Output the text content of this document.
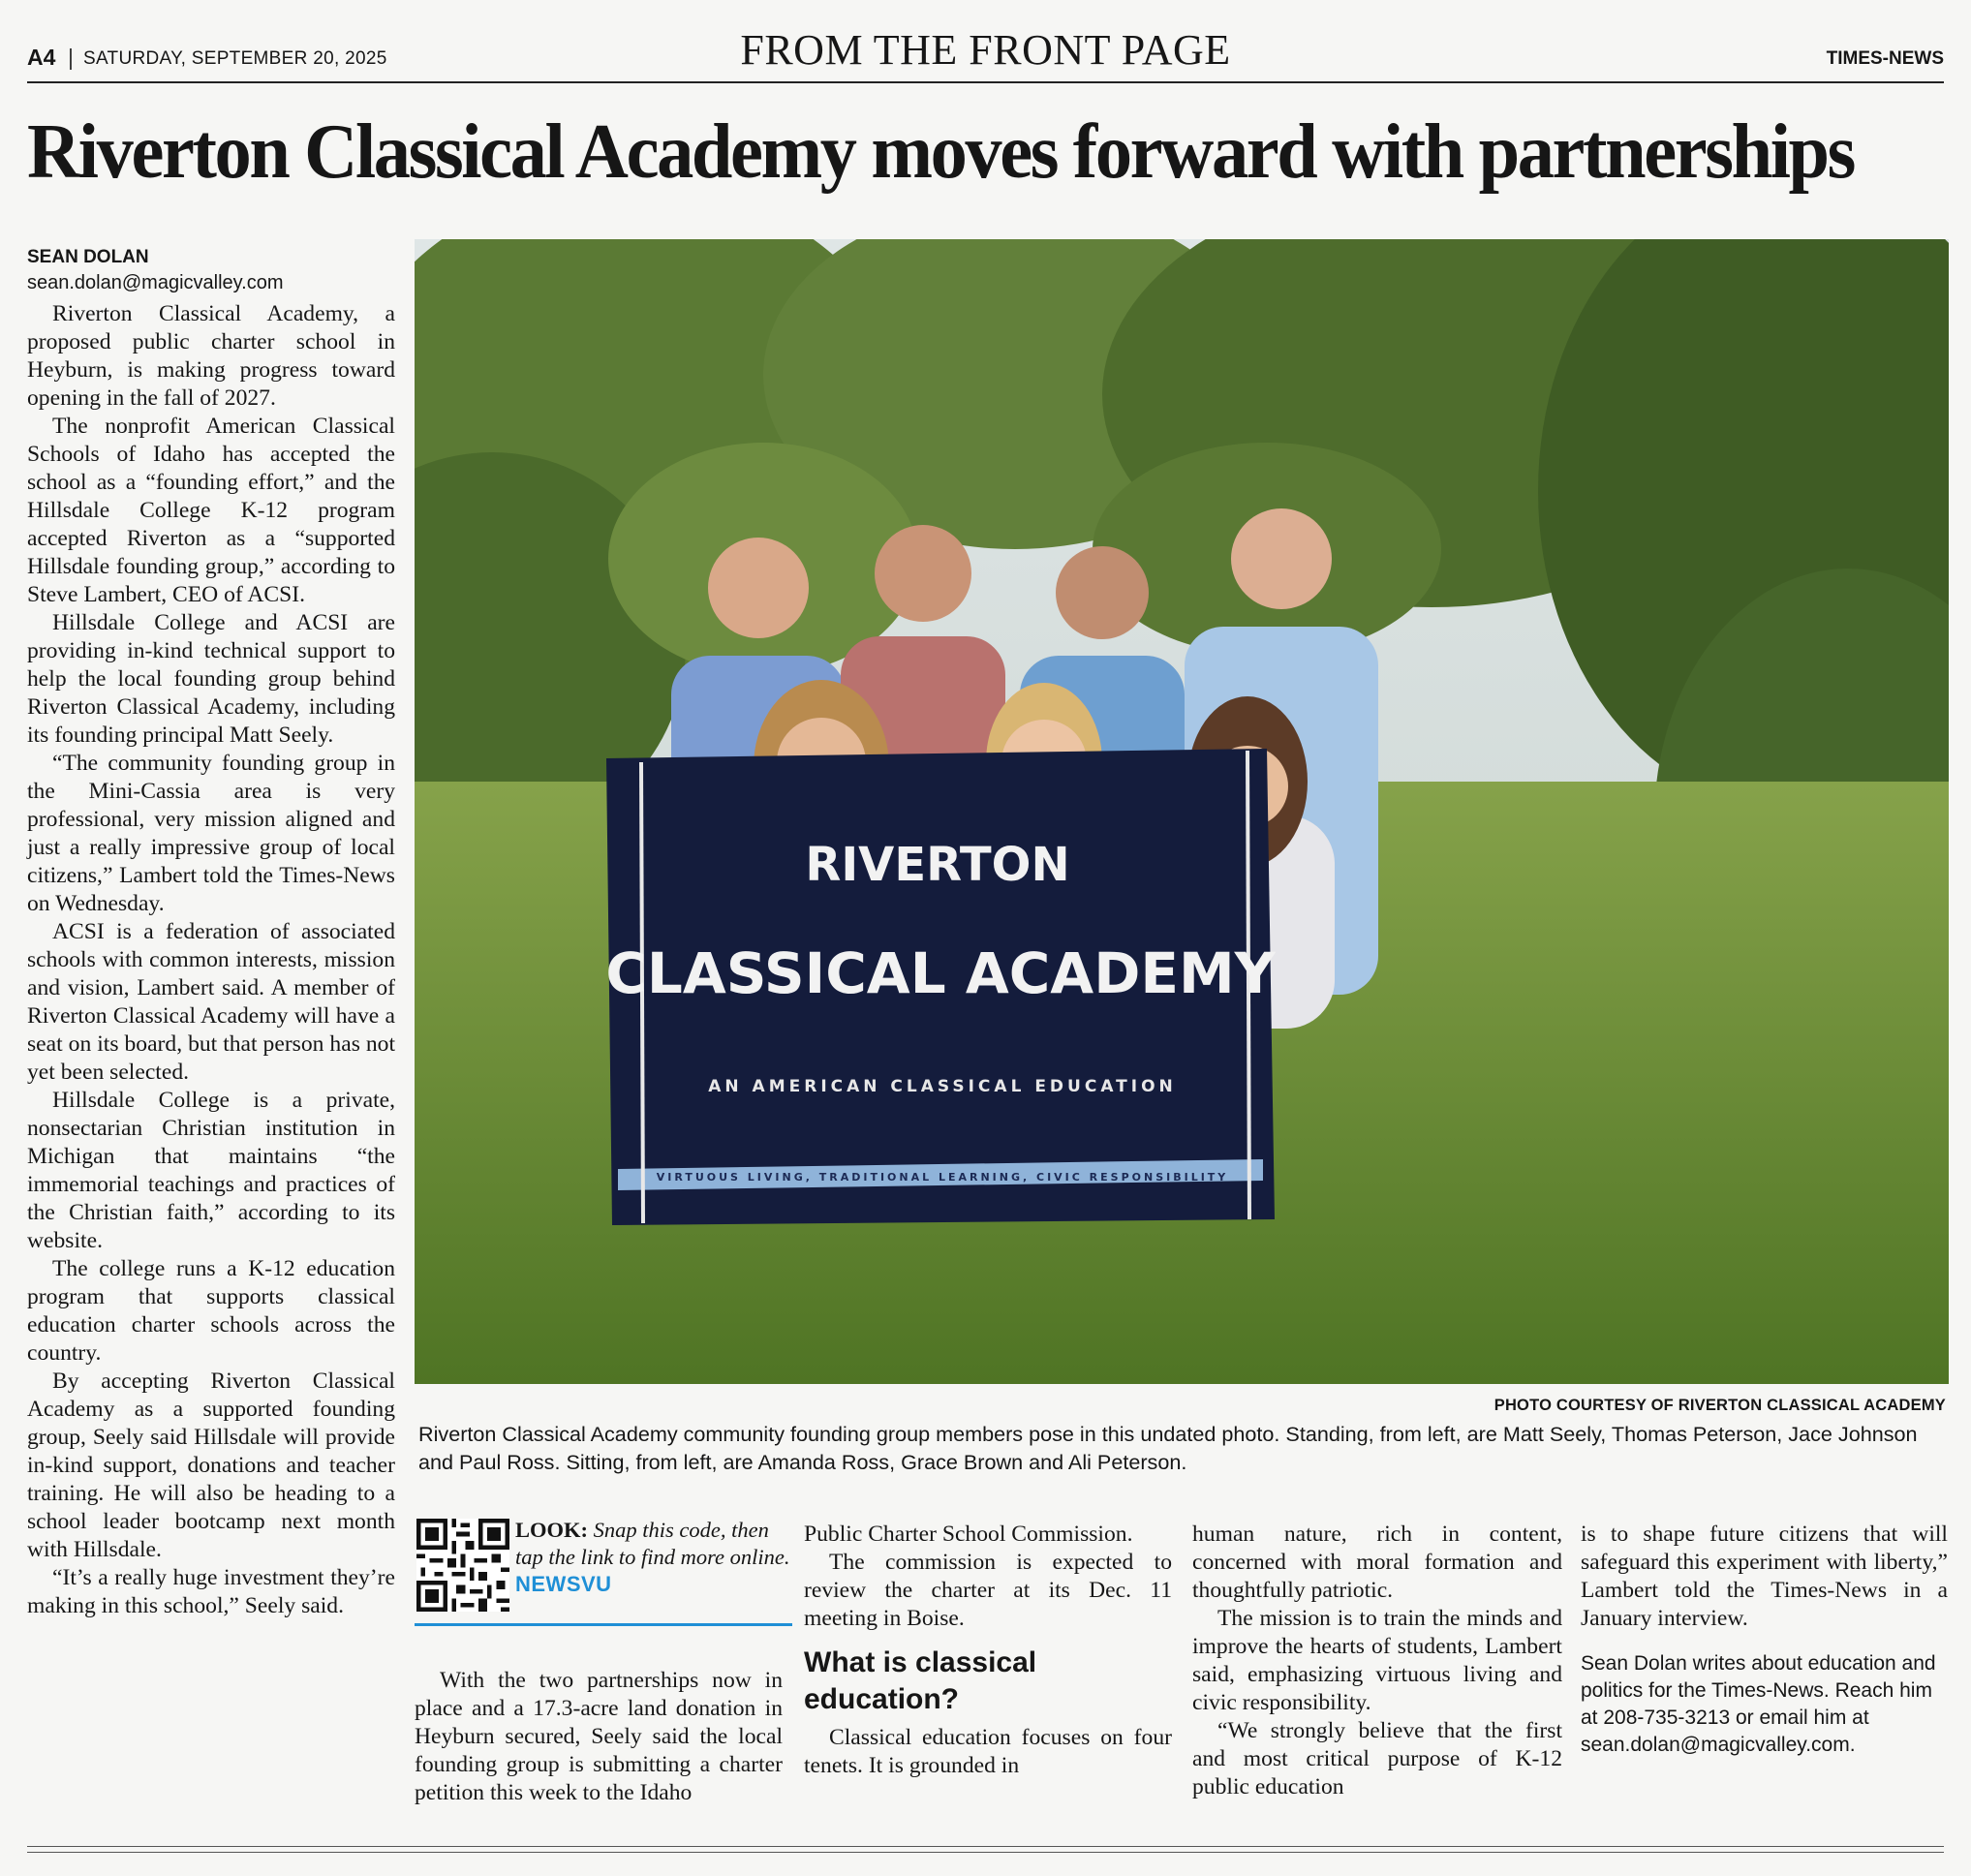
A4 | SATURDAY, SEPTEMBER 20, 2025	FROM THE FRONT PAGE	TIMES-NEWS
Riverton Classical Academy moves forward with partnerships
SEAN DOLAN
sean.dolan@magicvalley.com

Riverton Classical Academy, a proposed public charter school in Heyburn, is making progress toward opening in the fall of 2027.

The nonprofit American Classical Schools of Idaho has accepted the school as a “founding effort,” and the Hillsdale College K-12 program accepted Riverton as a “supported Hillsdale founding group,” according to Steve Lambert, CEO of ACSI.

Hillsdale College and ACSI are providing in-kind technical support to help the local founding group behind Riverton Classical Academy, including its founding principal Matt Seely.

“The community founding group in the Mini-Cassia area is very professional, very mission aligned and just a really impressive group of local citizens,” Lambert told the Times-News on Wednesday.

ACSI is a federation of associated schools with common interests, mission and vision, Lambert said. A member of Riverton Classical Academy will have a seat on its board, but that person has not yet been selected.

Hillsdale College is a private, nonsectarian Christian institution in Michigan that maintains “the immemorial teachings and practices of the Christian faith,” according to its website.

The college runs a K-12 education program that supports classical education charter schools across the country.

By accepting Riverton Classical Academy as a supported founding group, Seely said Hillsdale will provide in-kind support, donations and teacher training. He will also be heading to a school leader bootcamp next month with Hillsdale.

“It’s a really huge investment they’re making in this school,” Seely said.

RIVERTON
CLASSICAL ACADEMY
AN AMERICAN CLASSICAL EDUCATION
VIRTUOUS LIVING, TRADITIONAL LEARNING, CIVIC RESPONSIBILITY
PHOTO COURTESY OF RIVERTON CLASSICAL ACADEMY
Riverton Classical Academy community founding group members pose in this undated photo. Standing, from left, are Matt Seely, Thomas Peterson, Jace Johnson and Paul Ross. Sitting, from left, are Amanda Ross, Grace Brown and Ali Peterson.
LOOK: Snap this code, then tap the link to find more online. NEWSVU

With the two partnerships now in place and a 17.3-acre land donation in Heyburn secured, Seely said the local founding group is submitting a charter petition this week to the Idaho

Public Charter School Commission.

The commission is expected to review the charter at its Dec. 11 meeting in Boise.

What is classical education?

Classical education focuses on four tenets. It is grounded in

human nature, rich in content, concerned with moral formation and thoughtfully patriotic.

The mission is to train the minds and improve the hearts of students, Lambert said, emphasizing virtuous living and civic responsibility.

“We strongly believe that the first and most critical purpose of K-12 public education

is to shape future citizens that will safeguard this experiment with liberty,” Lambert told the Times-News in a January interview.

Sean Dolan writes about education and politics for the Times-News. Reach him at 208-735-3213 or email him at sean.dolan@magicvalley.com.
